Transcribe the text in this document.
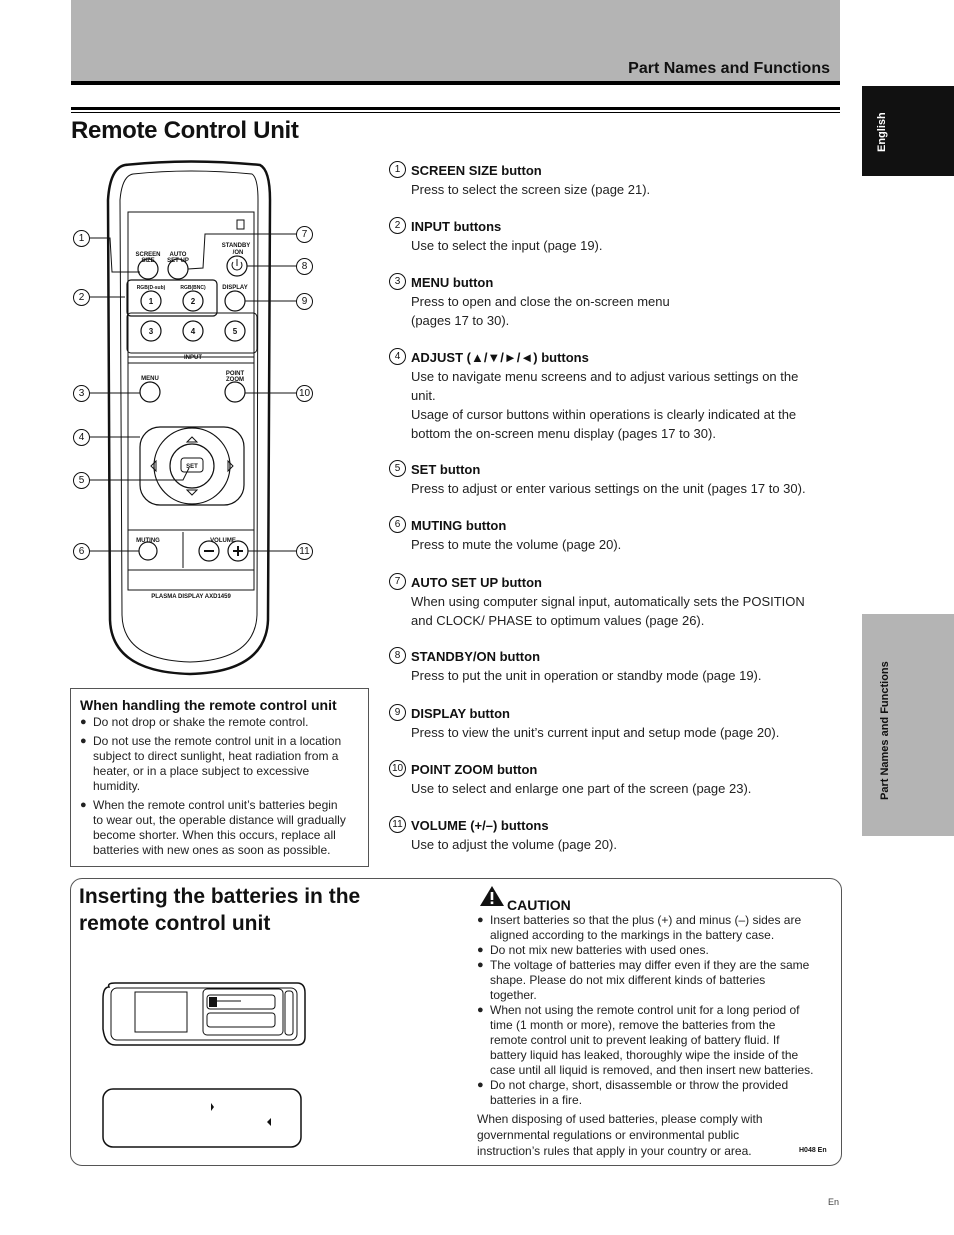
Part Names and Functions
Remote Control Unit	English
Part Names and Functions
SCREEN
SIZE
AUTO
SET UP
STANDBY
/ON
RGB(D-sub)	RGB(BNC)	DISPLAY
INPUT
MENU
POINT
ZOOM
SET
MUTING	VOLUME
PLASMA DISPLAY AXD1459
1	2
3	4	5
1
2
3
4
5
6
7
8
9
10
11
1 SCREEN SIZE button
Press to select the screen size (page 21).
2 INPUT buttons
Use to select the input (page 19).
3 MENU button
Press to open and close the on-screen menu
(pages 17 to 30).
4 ADJUST (▲/▼/►/◄) buttons
Use to navigate menu screens and to adjust various settings on the
unit.
Usage of cursor buttons within operations is clearly indicated at the
bottom the on-screen menu display (pages 17 to 30).
5 SET button
Press to adjust or enter various settings on the unit (pages 17 to 30).
6 MUTING button
Press to mute the volume (page 20).
7 AUTO SET UP button
When using computer signal input, automatically sets the POSITION
and CLOCK/ PHASE to optimum values (page 26).
8 STANDBY/ON button
Press to put the unit in operation or standby mode (page 19).
9 DISPLAY button
Press to view the unit’s current input and setup mode (page 20).
10 POINT ZOOM button
Use to select and enlarge one part of the screen (page 23).
11 VOLUME (+/–) buttons
Use to adjust the volume (page 20).
When handling the remote control unit
● Do not drop or shake the remote control.
● Do not use the remote control unit in a location
subject to direct sunlight, heat radiation from a
heater, or in a place subject to excessive
humidity.
● When the remote control unit’s batteries begin
to wear out, the operable distance will gradually
become shorter. When this occurs, replace all
batteries with new ones as soon as possible.
Inserting the batteries in the
remote control unit
CAUTION
● Insert batteries so that the plus (+) and minus (–) sides are
aligned according to the markings in the battery case.
● Do not mix new batteries with used ones.
● The voltage of batteries may differ even if they are the same
shape. Please do not mix different kinds of batteries
together.
● When not using the remote control unit for a long period of
time (1 month or more), remove the batteries from the
remote control unit to prevent leaking of battery fluid. If
battery liquid has leaked, thoroughly wipe the inside of the
case until all liquid is removed, and then insert new batteries.
● Do not charge, short, disassemble or throw the provided
batteries in a fire.
When disposing of used batteries, please comply with
governmental regulations or environmental public
instruction’s rules that apply in your country or area.	H048 En
En
